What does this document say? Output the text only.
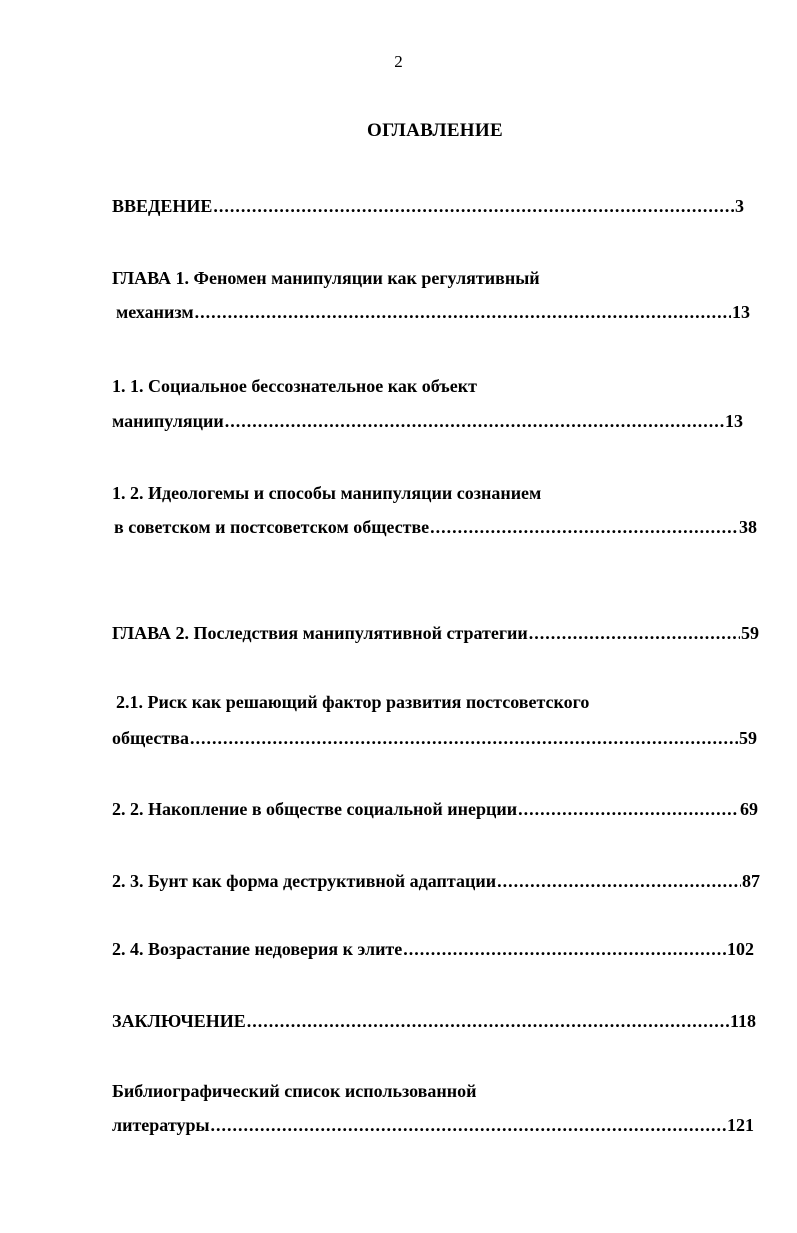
2
ОГЛАВЛЕНИЕ
ВВЕДЕНИЕ .....	3
ГЛАВА 1. Феномен манипуляции как регулятивный
механизм .....	13
1. 1. Социальное бессознательное как объект
манипуляции .....	13
1. 2. Идеологемы и способы манипуляции сознанием
в советском и постсоветском обществе .....	38
ГЛАВА 2. Последствия манипулятивной стратегии .....	59
2.1. Риск как решающий фактор развития постсоветского
общества .....	59
2. 2. Накопление в обществе социальной инерции .....	69
2. 3. Бунт как форма деструктивной адаптации .....	87
2. 4. Возрастание недоверия к элите .....	102
ЗАКЛЮЧЕНИЕ .....	118
Библиографический список использованной
литературы .....	121
